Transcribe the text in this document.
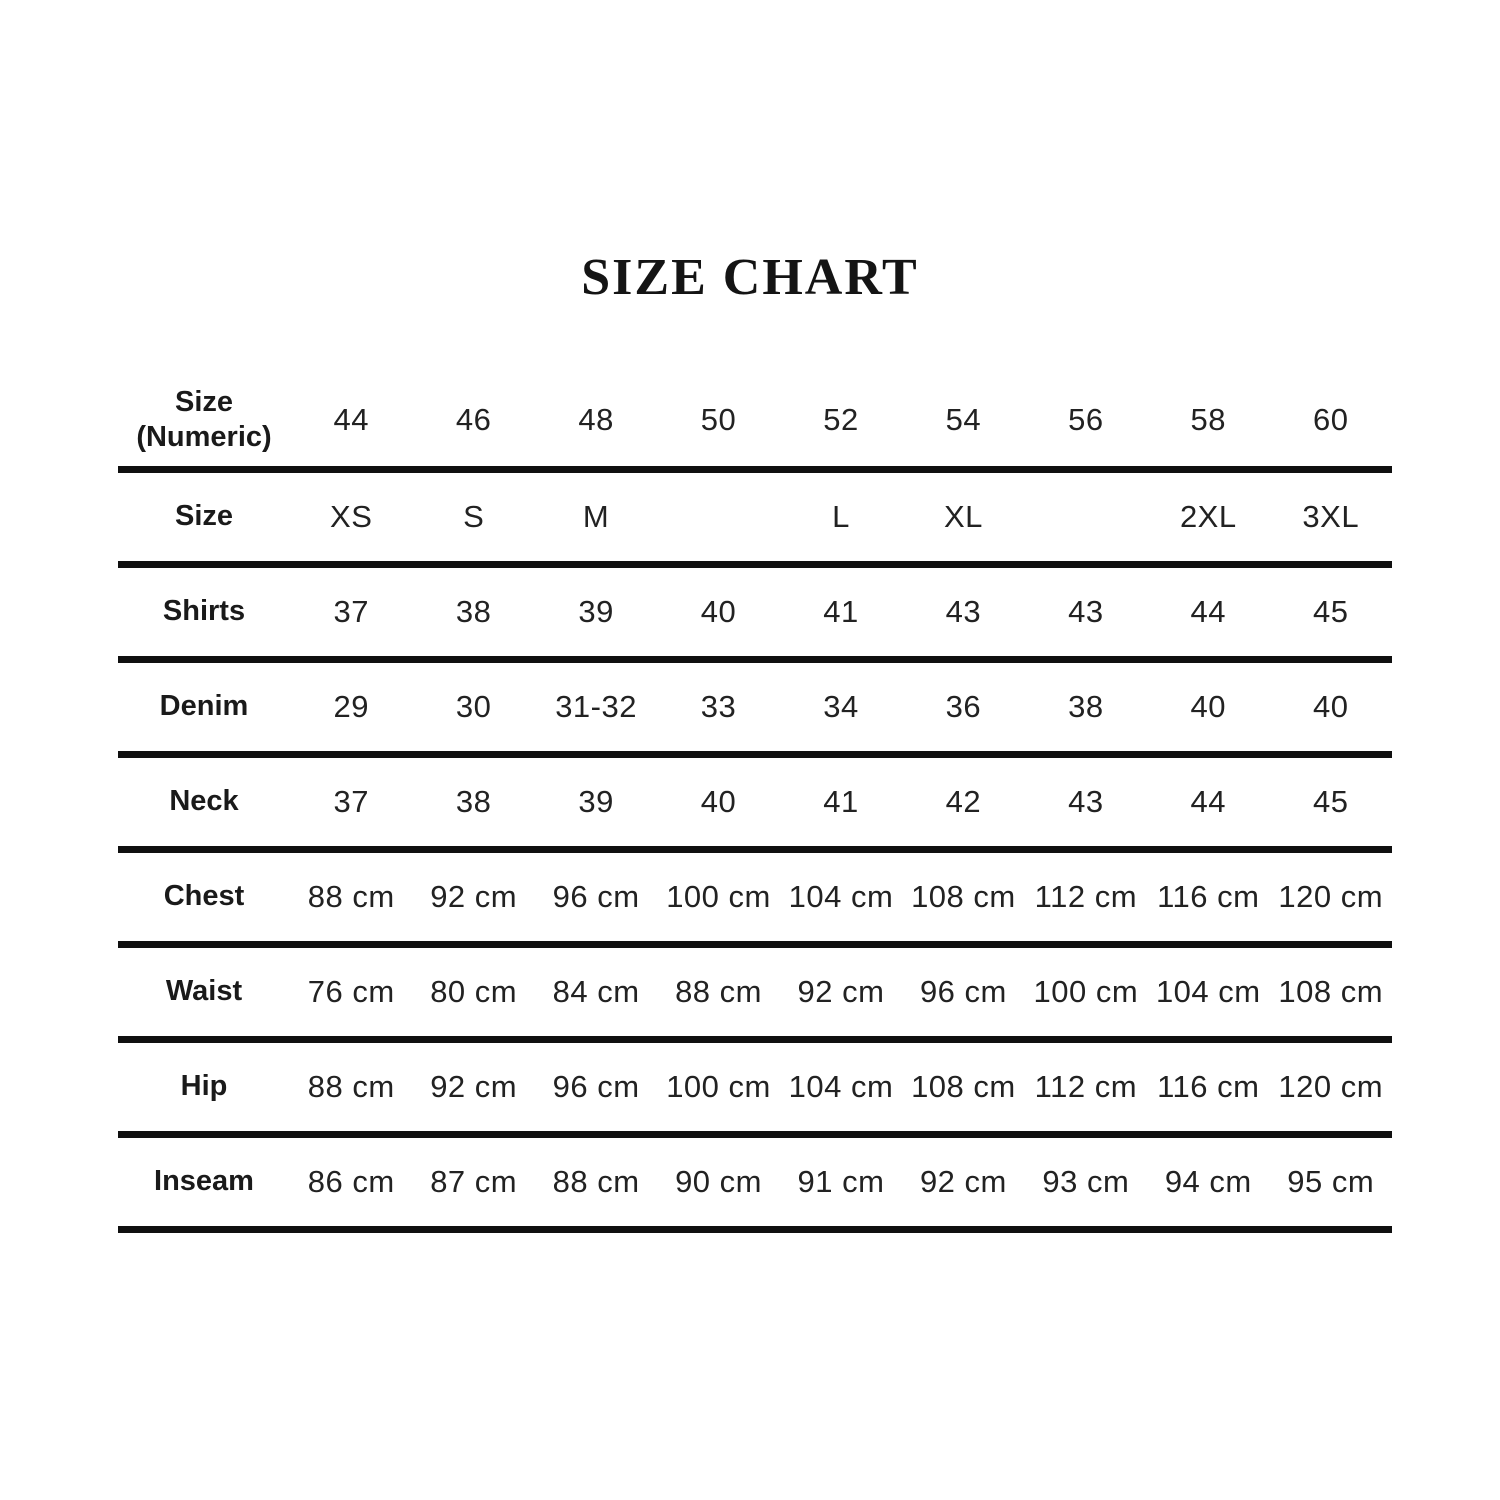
SIZE CHART
Size (Numeric)	44	46	48	50	52	54	56	58	60
Size	XS	S	M		L	XL		2XL	3XL
Shirts	37	38	39	40	41	43	43	44	45
Denim	29	30	31-32	33	34	36	38	40	40
Neck	37	38	39	40	41	42	43	44	45
Chest	88 cm	92 cm	96 cm	100 cm	104 cm	108 cm	112 cm	116 cm	120 cm
Waist	76 cm	80 cm	84 cm	88 cm	92 cm	96 cm	100 cm	104 cm	108 cm
Hip	88 cm	92 cm	96 cm	100 cm	104 cm	108 cm	112 cm	116 cm	120 cm
Inseam	86 cm	87 cm	88 cm	90 cm	91 cm	92 cm	93 cm	94 cm	95 cm
